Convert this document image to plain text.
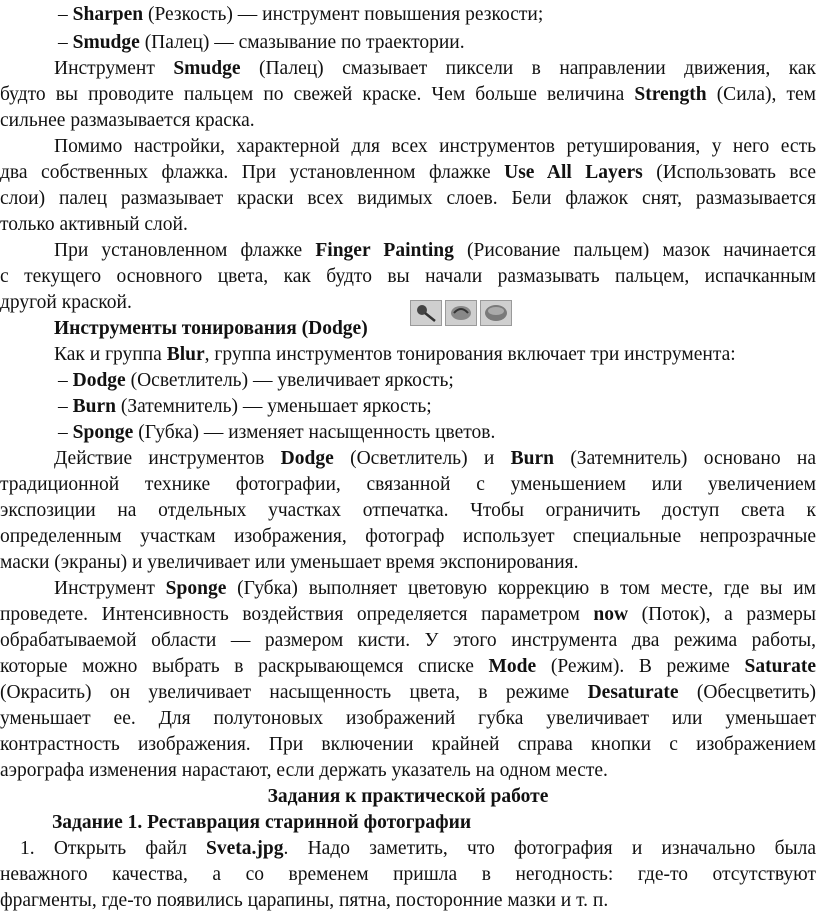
– Sharpen (Резкость) — инструмент повышения резкости;
– Smudge (Палец) — смазывание по траектории.
Инструмент Smudge (Палец) смазывает пиксели в направлении движения, как
будто вы проводите пальцем по свежей краске. Чем больше величина Strength (Сила), тем
сильнее размазывается краска.
Помимо настройки, характерной для всех инструментов ретуширования, у него есть
два собственных флажка. При установленном флажке Use All Layers (Использовать все
слои) палец размазывает краски всех видимых слоев. Бели флажок снят, размазывается
только активный слой.
При установленном флажке Finger Painting (Рисование пальцем) мазок начинается
с текущего основного цвета, как будто вы начали размазывать пальцем, испачканным
другой краской.
Инструменты тонирования (Dodge)
Как и группа Blur, группа инструментов тонирования включает три инструмента:
– Dodge (Осветлитель) — увеличивает яркость;
– Burn (Затемнитель) — уменьшает яркость;
– Sponge (Губка) — изменяет насыщенность цветов.
Действие инструментов Dodge (Осветлитель) и Burn (Затемнитель) основано на
традиционной технике фотографии, связанной с уменьшением или увеличением
экспозиции на отдельных участках отпечатка. Чтобы ограничить доступ света к
определенным участкам изображения, фотограф использует специальные непрозрачные
маски (экраны) и увеличивает или уменьшает время экспонирования.
Инструмент Sponge (Губка) выполняет цветовую коррекцию в том месте, где вы им
проведете. Интенсивность воздействия определяется параметром now (Поток), а размеры
обрабатываемой области — размером кисти. У этого инструмента два режима работы,
которые можно выбрать в раскрывающемся списке Mode (Режим). В режиме Saturate
(Окрасить) он увеличивает насыщенность цвета, в режиме Desaturate (Обесцветить)
уменьшает ее. Для полутоновых изображений губка увеличивает или уменьшает
контрастность изображения. При включении крайней справа кнопки с изображением
аэрографа изменения нарастают, если держать указатель на одном месте.
Задания к практической работе
Задание 1. Реставрация старинной фотографии
1. Открыть файл Sveta.jpg. Надо заметить, что фотография и изначально была
неважного качества, а со временем пришла в негодность: где-то отсутствуют
фрагменты, где-то появились царапины, пятна, посторонние мазки и т. п.
